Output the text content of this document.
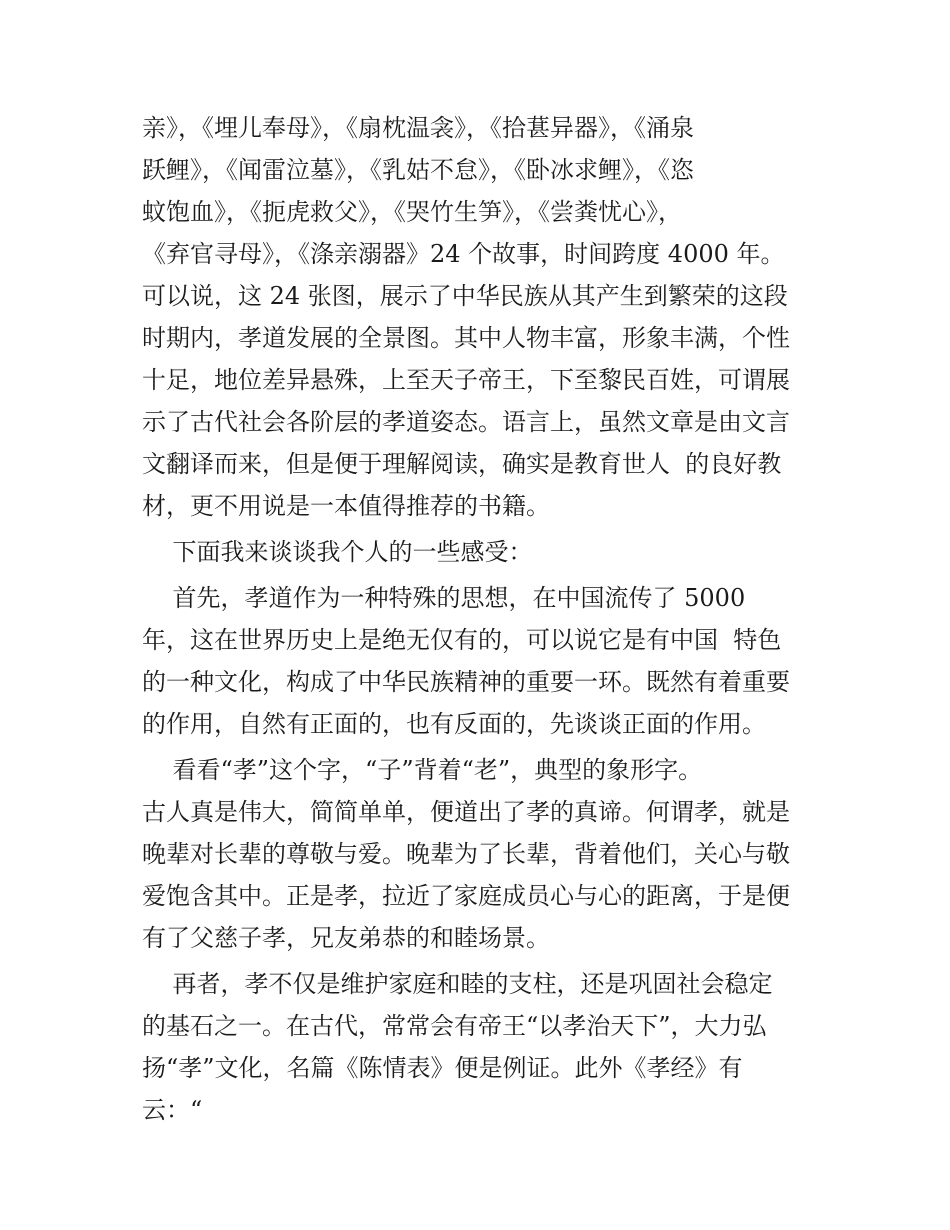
亲》，《埋儿奉母》，《扇枕温衾》，《拾葚异器》，《涌泉
跃鲤》，《闻雷泣墓》，《乳姑不怠》，《卧冰求鲤》，《恣
蚊饱血》，《扼虎救父》，《哭竹生笋》，《尝粪忧心》，
《弃官寻母》，《涤亲溺器》24 个故事，时间跨度 4000 年。
可以说，这 24 张图，展示了中华民族从其产生到繁荣的这段
时期内，孝道发展的全景图。其中人物丰富，形象丰满，个性
十足，地位差异悬殊，上至天子帝王，下至黎民百姓，可谓展
示了古代社会各阶层的孝道姿态。语言上，虽然文章是由文言
文翻译而来，但是便于理解阅读，确实是教育世人  的良好教
材，更不用说是一本值得推荐的书籍。
下面我来谈谈我个人的一些感受：
首先，孝道作为一种特殊的思想，在中国流传了 5000
年，这在世界历史上是绝无仅有的，可以说它是有中国  特色
的一种文化，构成了中华民族精神的重要一环。既然有着重要
的作用，自然有正面的，也有反面的，先谈谈正面的作用。
看看“孝”这个字，“子”背着“老”，典型的象形字。
古人真是伟大，简简单单，便道出了孝的真谛。何谓孝，就是
晚辈对长辈的尊敬与爱。晚辈为了长辈，背着他们，关心与敬
爱饱含其中。正是孝，拉近了家庭成员心与心的距离，于是便
有了父慈子孝，兄友弟恭的和睦场景。
再者，孝不仅是维护家庭和睦的支柱，还是巩固社会稳定
的基石之一。在古代，常常会有帝王“以孝治天下”，大力弘
扬“孝”文化，名篇《陈情表》便是例证。此外《孝经》有
云：“
